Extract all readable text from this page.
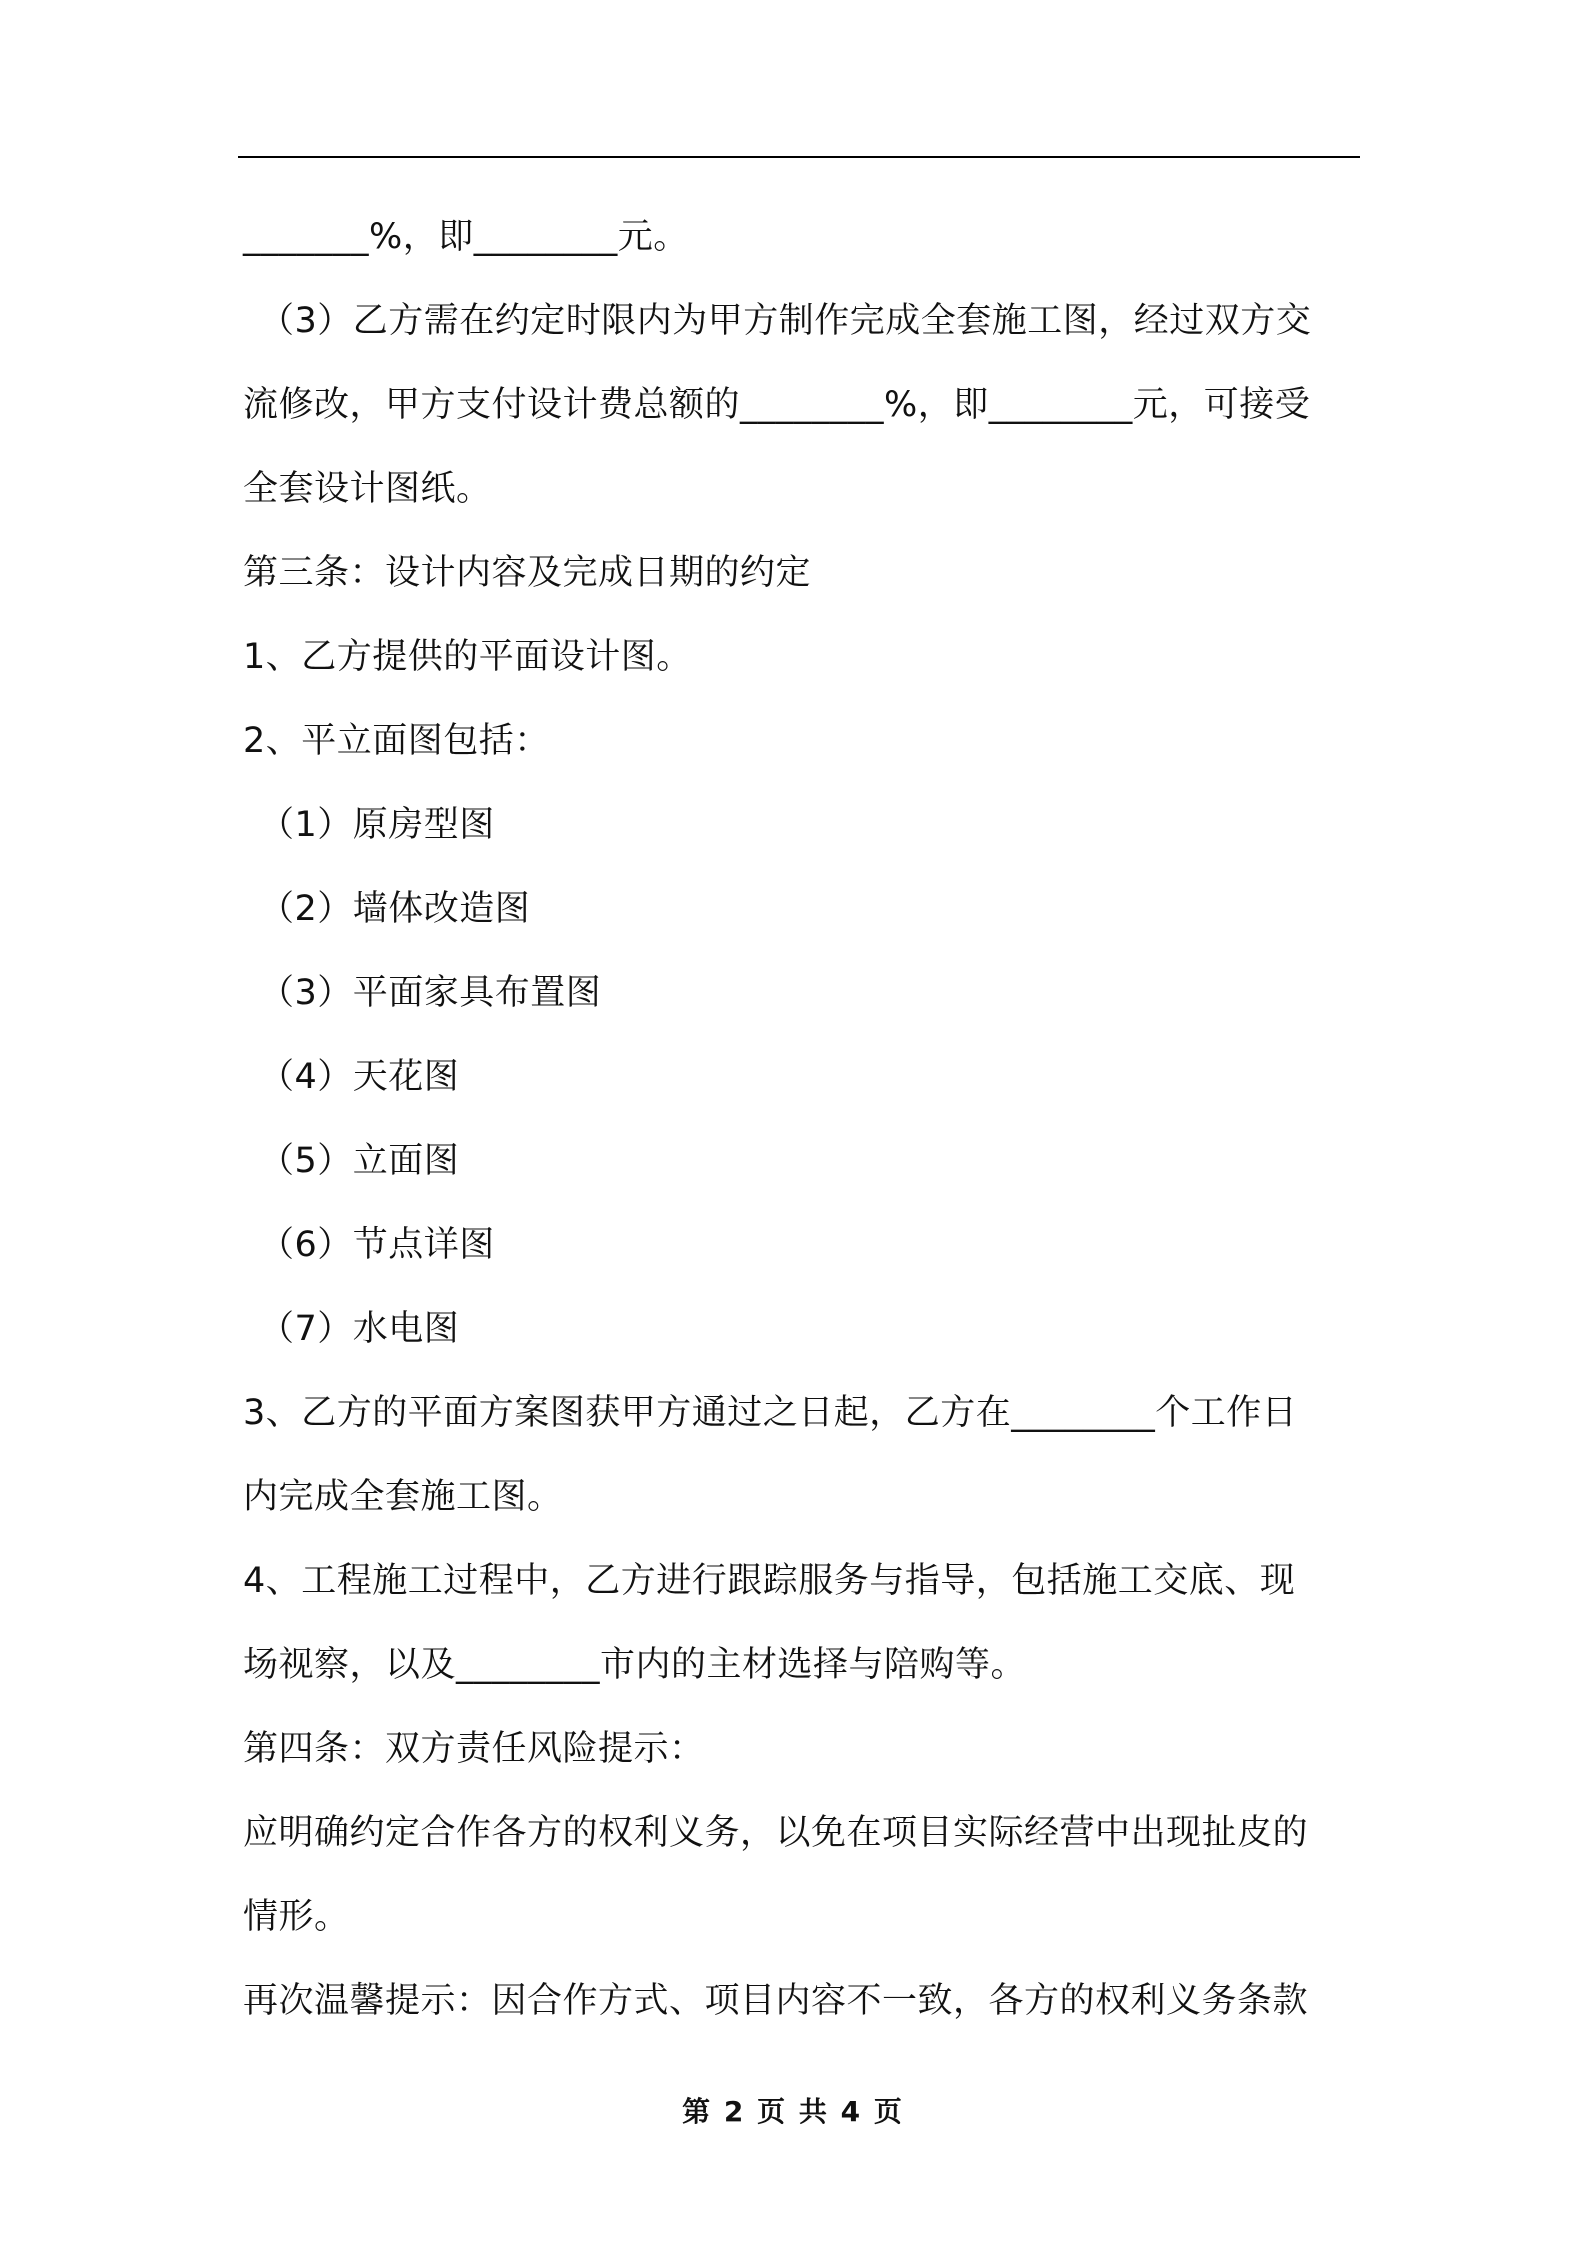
_______%，即________元。
（3）乙方需在约定时限内为甲方制作完成全套施工图，经过双方交
流修改，甲方支付设计费总额的________%，即________元，可接受
全套设计图纸。
第三条：设计内容及完成日期的约定
1、乙方提供的平面设计图。
2、平立面图包括：
（1）原房型图
（2）墙体改造图
（3）平面家具布置图
（4）天花图
（5）立面图
（6）节点详图
（7）水电图
3、乙方的平面方案图获甲方通过之日起，乙方在________个工作日
内完成全套施工图。
4、工程施工过程中，乙方进行跟踪服务与指导，包括施工交底、现
场视察，以及________市内的主材选择与陪购等。
第四条：双方责任风险提示：
应明确约定合作各方的权利义务，以免在项目实际经营中出现扯皮的
情形。
再次温馨提示：因合作方式、项目内容不一致，各方的权利义务条款
第 2 页 共 4 页
